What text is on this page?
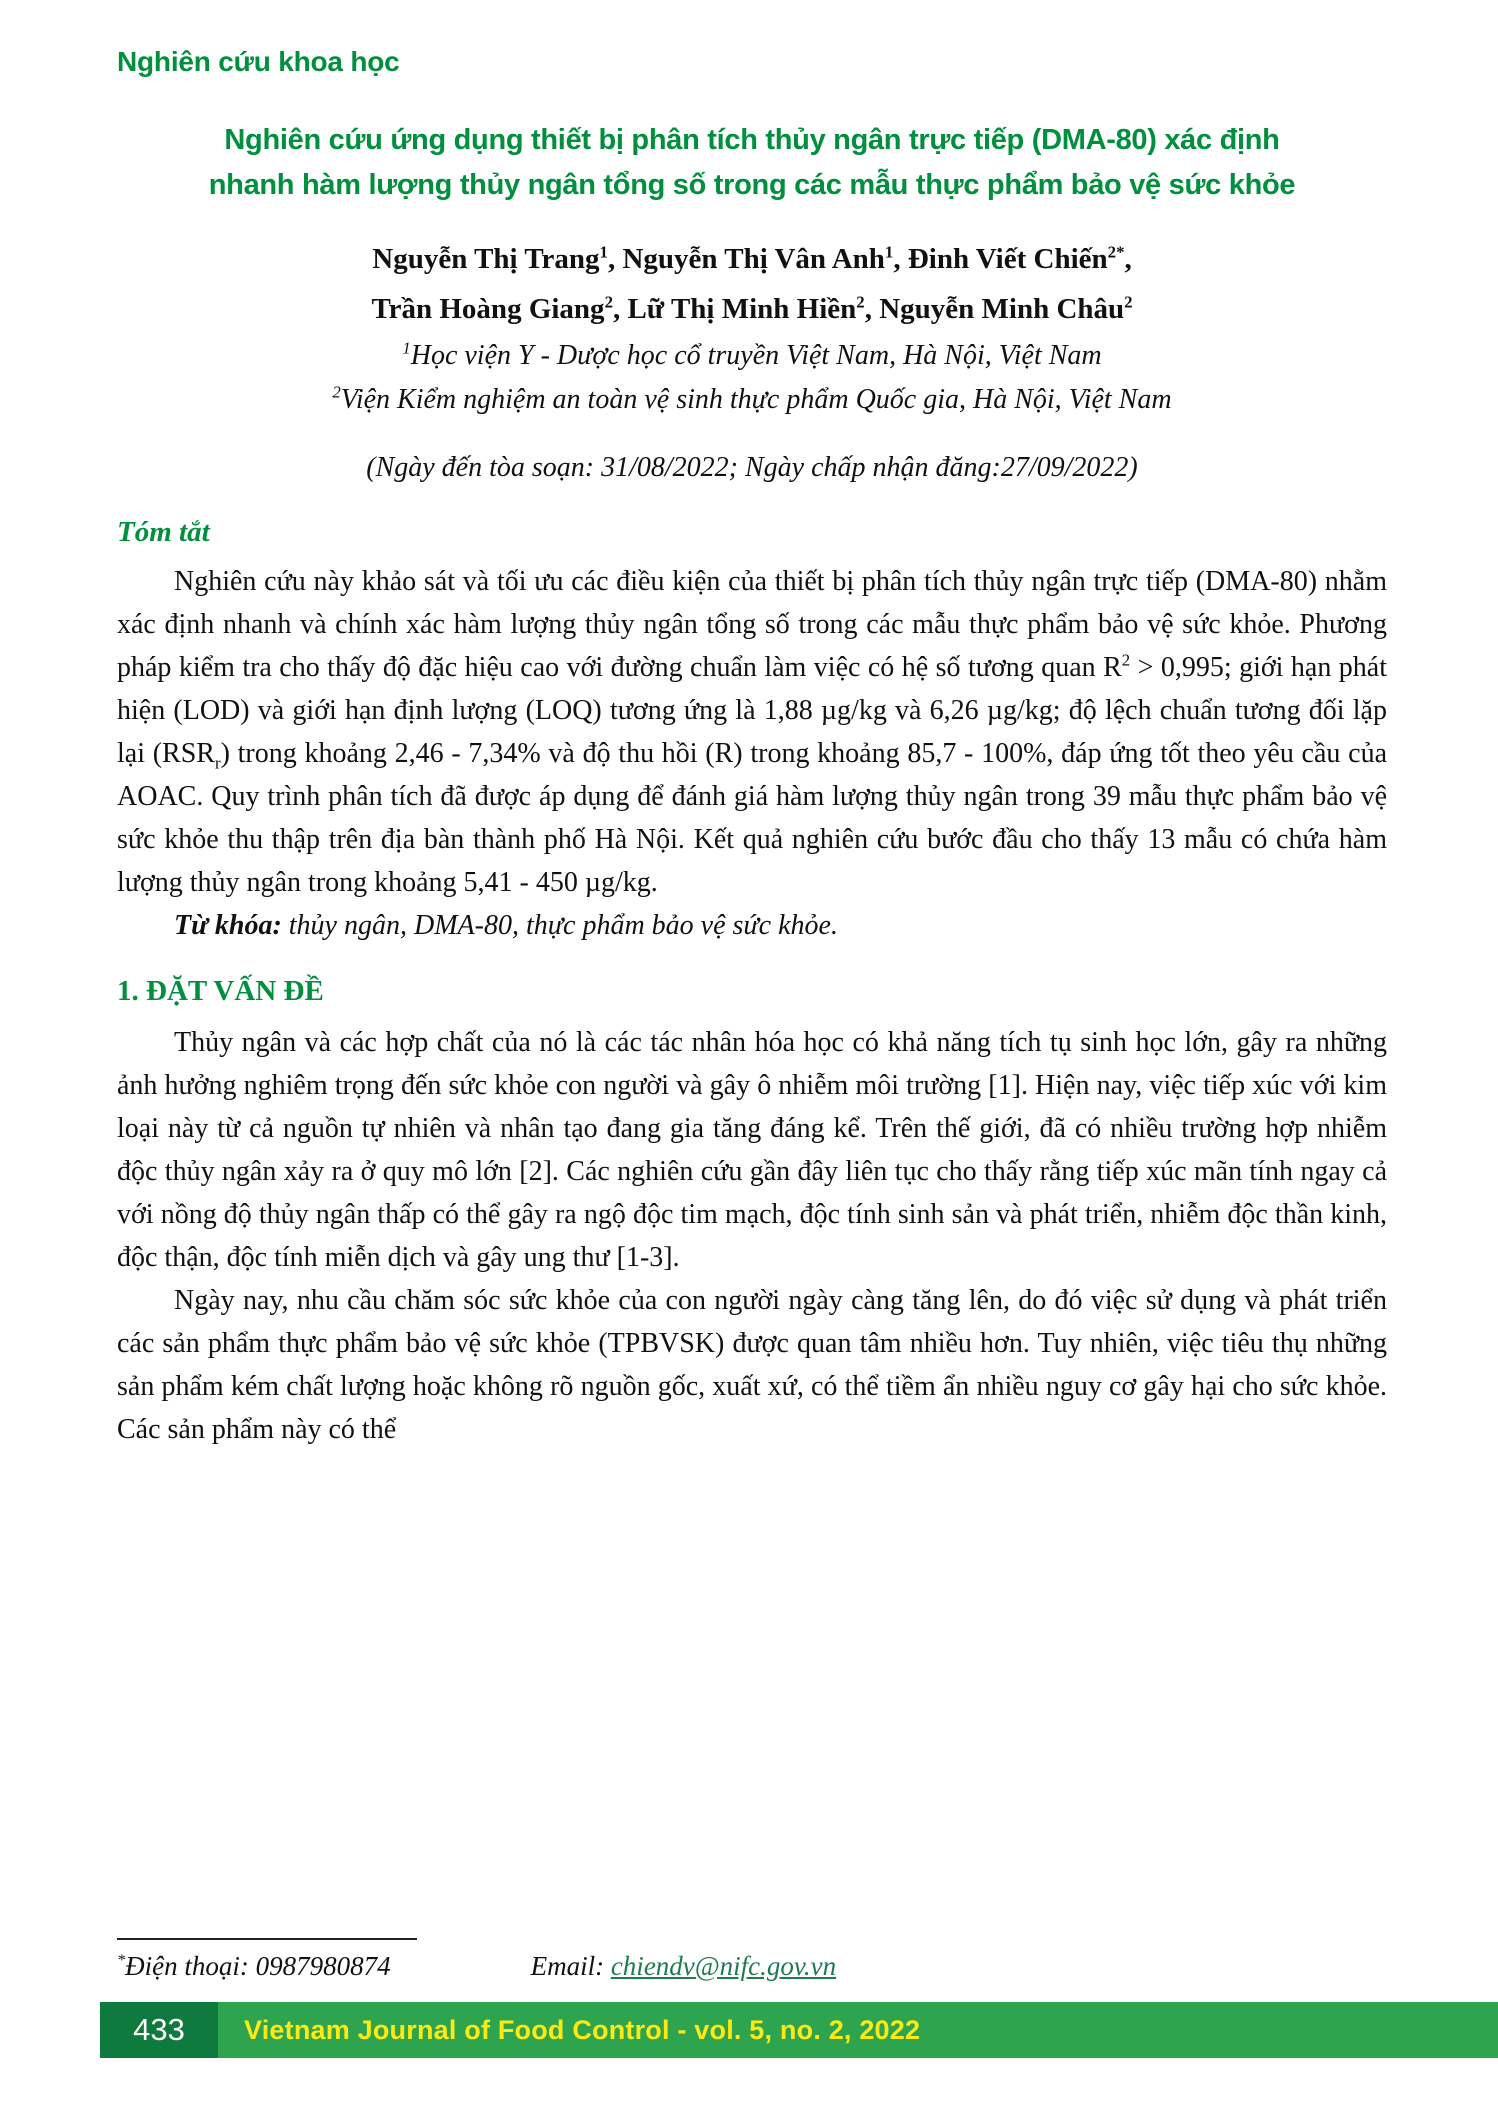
Nghiên cứu khoa học
Nghiên cứu ứng dụng thiết bị phân tích thủy ngân trực tiếp (DMA-80) xác định
nhanh hàm lượng thủy ngân tổng số trong các mẫu thực phẩm bảo vệ sức khỏe
Nguyễn Thị Trang$^1$, Nguyễn Thị Vân Anh$^1$, Đinh Viết Chiến$^{2*}$,
Trần Hoàng Giang$^2$, Lữ Thị Minh Hiền$^2$, Nguyễn Minh Châu$^2$
$^1$Học viện Y - Dược học cổ truyền Việt Nam, Hà Nội, Việt Nam
$^2$Viện Kiểm nghiệm an toàn vệ sinh thực phẩm Quốc gia, Hà Nội, Việt Nam
(Ngày đến tòa soạn: 31/08/2022; Ngày chấp nhận đăng:27/09/2022)
Tóm tắt

Nghiên cứu này khảo sát và tối ưu các điều kiện của thiết bị phân tích thủy ngân trực tiếp (DMA-80) nhằm xác định nhanh và chính xác hàm lượng thủy ngân tổng số trong các mẫu thực phẩm bảo vệ sức khỏe. Phương pháp kiểm tra cho thấy độ đặc hiệu cao với đường chuẩn làm việc có hệ số tương quan $R^2 > 0,995$; giới hạn phát hiện (LOD) và giới hạn định lượng (LOQ) tương ứng là 1,88 µg/kg và 6,26 µg/kg; độ lệch chuẩn tương đối lặp lại $(RSR_r)$ trong khoảng 2,46 - 7,34% và độ thu hồi (R) trong khoảng 85,7 - 100%, đáp ứng tốt theo yêu cầu của AOAC. Quy trình phân tích đã được áp dụng để đánh giá hàm lượng thủy ngân trong 39 mẫu thực phẩm bảo vệ sức khỏe thu thập trên địa bàn thành phố Hà Nội. Kết quả nghiên cứu bước đầu cho thấy 13 mẫu có chứa hàm lượng thủy ngân trong khoảng 5,41 - 450 µg/kg.

Từ khóa: thủy ngân, DMA-80, thực phẩm bảo vệ sức khỏe.

1. ĐẶT VẤN ĐỀ

Thủy ngân và các hợp chất của nó là các tác nhân hóa học có khả năng tích tụ sinh học lớn, gây ra những ảnh hưởng nghiêm trọng đến sức khỏe con người và gây ô nhiễm môi trường [1]. Hiện nay, việc tiếp xúc với kim loại này từ cả nguồn tự nhiên và nhân tạo đang gia tăng đáng kể. Trên thế giới, đã có nhiều trường hợp nhiễm độc thủy ngân xảy ra ở quy mô lớn [2]. Các nghiên cứu gần đây liên tục cho thấy rằng tiếp xúc mãn tính ngay cả với nồng độ thủy ngân thấp có thể gây ra ngộ độc tim mạch, độc tính sinh sản và phát triển, nhiễm độc thần kinh, độc thận, độc tính miễn dịch và gây ung thư [1-3].

Ngày nay, nhu cầu chăm sóc sức khỏe của con người ngày càng tăng lên, do đó việc sử dụng và phát triển các sản phẩm thực phẩm bảo vệ sức khỏe (TPBVSK) được quan tâm nhiều hơn. Tuy nhiên, việc tiêu thụ những sản phẩm kém chất lượng hoặc không rõ nguồn gốc, xuất xứ, có thể tiềm ẩn nhiều nguy cơ gây hại cho sức khỏe. Các sản phẩm này có thể

*Điện thoại: 0987980874	Email: chiendv@nifc.gov.vn
433	Vietnam Journal of Food Control - vol. 5, no. 2, 2022
